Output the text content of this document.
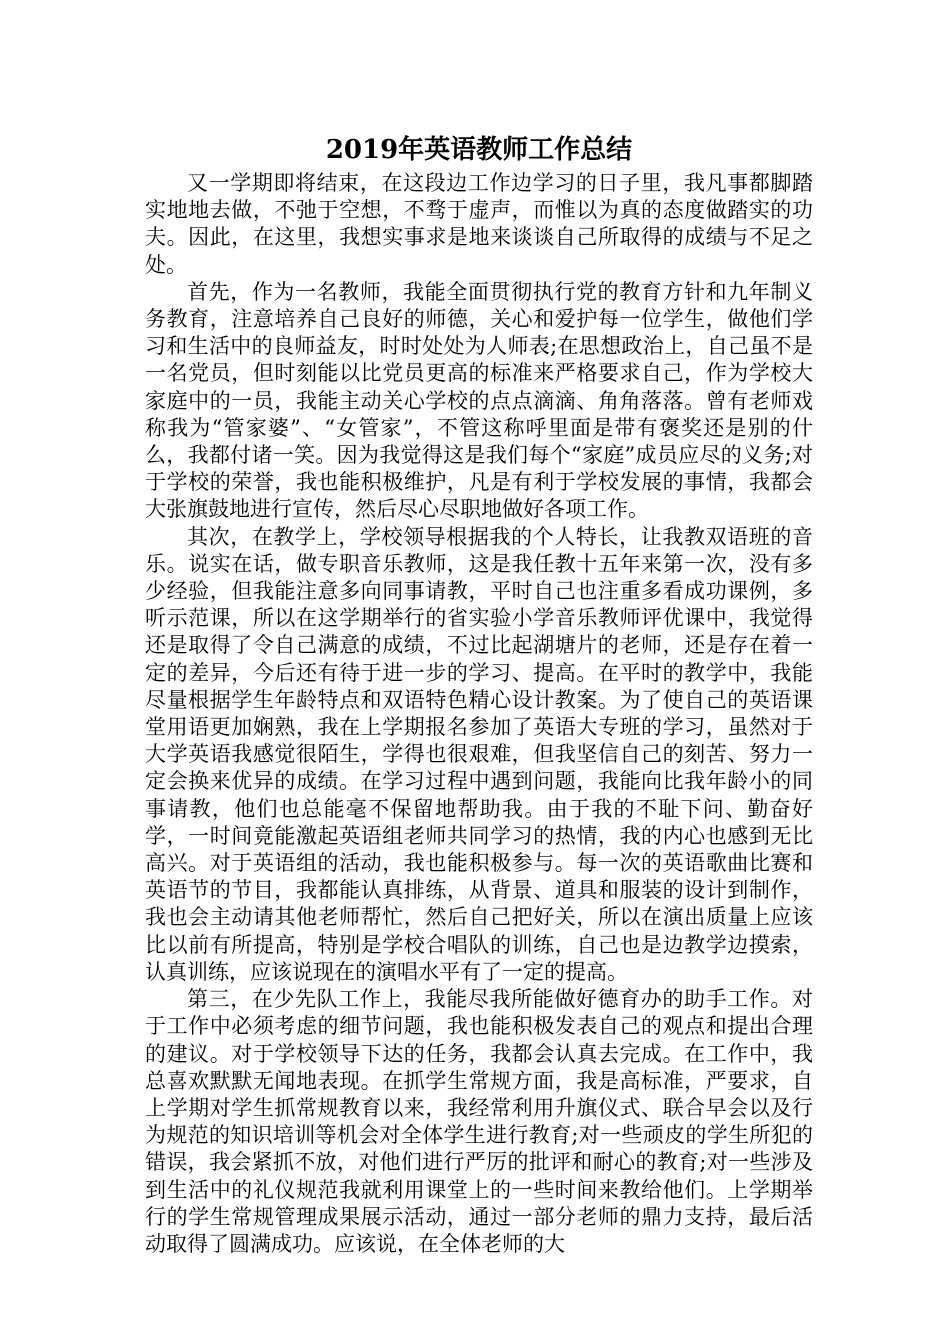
2019年英语教师工作总结

又一学期即将结束，在这段边工作边学习的日子里，我凡事都脚踏实地地去做，不弛于空想，不骛于虚声，而惟以为真的态度做踏实的功夫。因此，在这里，我想实事求是地来谈谈自己所取得的成绩与不足之处。

首先，作为一名教师，我能全面贯彻执行党的教育方针和九年制义务教育，注意培养自己良好的师德，关心和爱护每一位学生，做他们学习和生活中的良师益友，时时处处为人师表;在思想政治上，自己虽不是一名党员，但时刻能以比党员更高的标准来严格要求自己，作为学校大家庭中的一员，我能主动关心学校的点点滴滴、角角落落。曾有老师戏称我为“管家婆”、“女管家”，不管这称呼里面是带有褒奖还是别的什么，我都付诸一笑。因为我觉得这是我们每个“家庭”成员应尽的义务;对于学校的荣誉，我也能积极维护，凡是有利于学校发展的事情，我都会大张旗鼓地进行宣传，然后尽心尽职地做好各项工作。

其次，在教学上，学校领导根据我的个人特长，让我教双语班的音乐。说实在话，做专职音乐教师，这是我任教十五年来第一次，没有多少经验，但我能注意多向同事请教，平时自己也注重多看成功课例，多听示范课，所以在这学期举行的省实验小学音乐教师评优课中，我觉得还是取得了令自己满意的成绩，不过比起湖塘片的老师，还是存在着一定的差异，今后还有待于进一步的学习、提高。在平时的教学中，我能尽量根据学生年龄特点和双语特色精心设计教案。为了使自己的英语课堂用语更加娴熟，我在上学期报名参加了英语大专班的学习，虽然对于大学英语我感觉很陌生，学得也很艰难，但我坚信自己的刻苦、努力一定会换来优异的成绩。在学习过程中遇到问题，我能向比我年龄小的同事请教，他们也总能毫不保留地帮助我。由于我的不耻下问、勤奋好学，一时间竟能激起英语组老师共同学习的热情，我的内心也感到无比高兴。对于英语组的活动，我也能积极参与。每一次的英语歌曲比赛和英语节的节目，我都能认真排练，从背景、道具和服装的设计到制作，我也会主动请其他老师帮忙，然后自己把好关，所以在演出质量上应该比以前有所提高，特别是学校合唱队的训练，自己也是边教学边摸索，认真训练，应该说现在的演唱水平有了一定的提高。

第三，在少先队工作上，我能尽我所能做好德育办的助手工作。对于工作中必须考虑的细节问题，我也能积极发表自己的观点和提出合理的建议。对于学校领导下达的任务，我都会认真去完成。在工作中，我总喜欢默默无闻地表现。在抓学生常规方面，我是高标准，严要求，自上学期对学生抓常规教育以来，我经常利用升旗仪式、联合早会以及行为规范的知识培训等机会对全体学生进行教育;对一些顽皮的学生所犯的错误，我会紧抓不放，对他们进行严厉的批评和耐心的教育;对一些涉及到生活中的礼仪规范我就利用课堂上的一些时间来教给他们。上学期举行的学生常规管理成果展示活动，通过一部分老师的鼎力支持，最后活动取得了圆满成功。应该说，在全体老师的大
